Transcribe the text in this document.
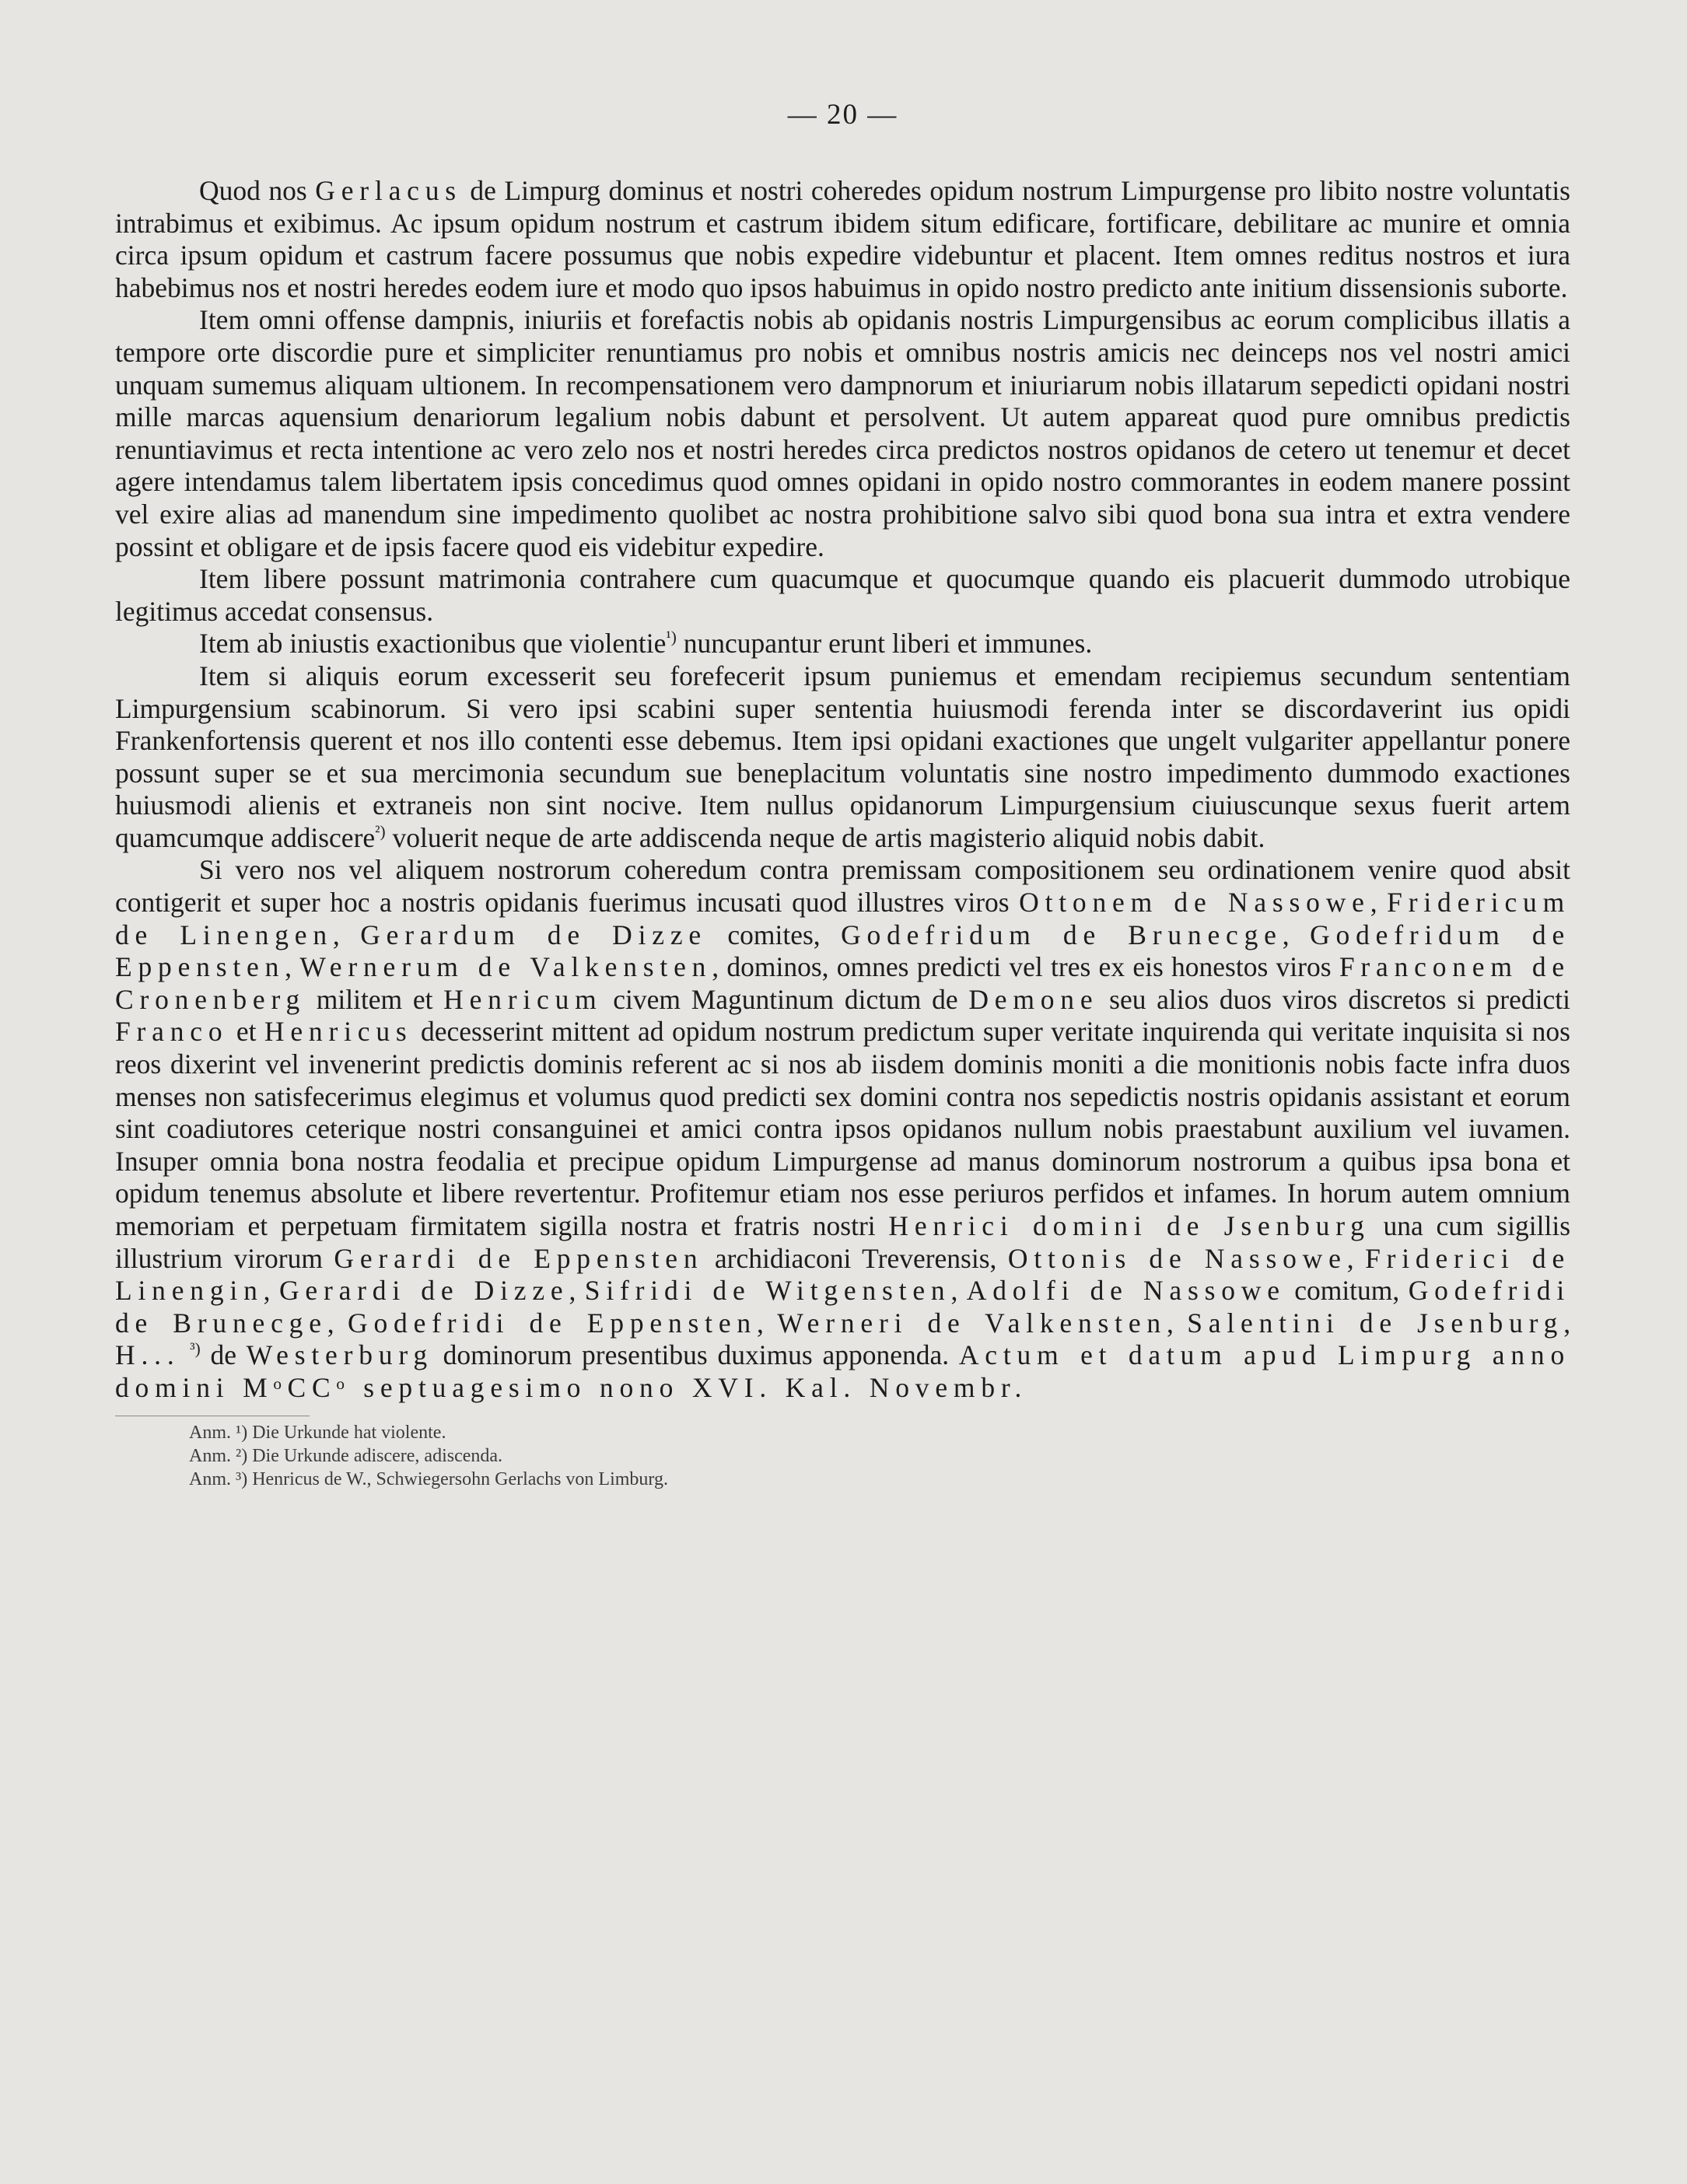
— 20 —

Quod nos Gerlacus de Limpurg dominus et nostri coheredes opidum nostrum Limpurgense pro libito nostre voluntatis intrabimus et exibimus. Ac ipsum opidum nostrum et castrum ibidem situm edificare, fortificare, debilitare ac munire et omnia circa ipsum opidum et castrum facere possumus que nobis expedire videbuntur et placent. Item omnes reditus nostros et iura habebimus nos et nostri heredes eodem iure et modo quo ipsos habuimus in opido nostro predicto ante initium dissensionis suborte.

Item omni offense dampnis, iniuriis et forefactis nobis ab opidanis nostris Limpurgensibus ac eorum complicibus illatis a tempore orte discordie pure et simpliciter renuntiamus pro nobis et omnibus nostris amicis nec deinceps nos vel nostri amici unquam sumemus aliquam ultionem. In recompensationem vero dampnorum et iniuriarum nobis illatarum sepedicti opidani nostri mille marcas aquensium denariorum legalium nobis dabunt et persolvent. Ut autem appareat quod pure omnibus predictis renuntiavimus et recta intentione ac vero zelo nos et nostri heredes circa predictos nostros opidanos de cetero ut tenemur et decet agere intendamus talem libertatem ipsis concedimus quod omnes opidani in opido nostro commorantes in eodem manere possint vel exire alias ad manendum sine impedimento quolibet ac nostra prohibitione salvo sibi quod bona sua intra et extra vendere possint et obligare et de ipsis facere quod eis videbitur expedire.

Item libere possunt matrimonia contrahere cum quacumque et quocumque quando eis placuerit dummodo utrobique legitimus accedat consensus.

Item ab iniustis exactionibus que violentie$^{^1)}$ nuncupantur erunt liberi et immunes.

Item si aliquis eorum excesserit seu forefecerit ipsum puniemus et emendam recipiemus secundum sententiam Limpurgensium scabinorum. Si vero ipsi scabini super sententia huiusmodi ferenda inter se discordaverint ius opidi Frankenfortensis querent et nos illo contenti esse debemus. Item ipsi opidani exactiones que ungelt vulgariter appellantur ponere possunt super se et sua mercimonia secundum sue beneplacitum voluntatis sine nostro impedimento dummodo exactiones huiusmodi alienis et extraneis non sint nocive. Item nullus opidanorum Limpurgensium ciuiuscunque sexus fuerit artem quamcumque addiscere$^{^2)}$ voluerit neque de arte addiscenda neque de artis magisterio aliquid nobis dabit.

Si vero nos vel aliquem nostrorum coheredum contra premissam compositionem seu ordinationem venire quod absit contigerit et super hoc a nostris opidanis fuerimus incusati quod illustres viros Ottonem de Nassowe, Fridericum de Linengen, Gerardum de Dizze comites, Godefridum de Brunecge, Godefridum de Eppensten, Wernerum de Valkensten, dominos, omnes predicti vel tres ex eis honestos viros Franconem de Cronenberg militem et Henricum civem Maguntinum dictum de Demone seu alios duos viros discretos si predicti Franco et Henricus decesserint mittent ad opidum nostrum predictum super veritate inquirenda qui veritate inquisita si nos reos dixerint vel invenerint predictis dominis referent ac si nos ab iisdem dominis moniti a die monitionis nobis facte infra duos menses non satisfecerimus elegimus et volumus quod predicti sex domini contra nos sepedictis nostris opidanis assistant et eorum sint coadiutores ceterique nostri consanguinei et amici contra ipsos opidanos nullum nobis praestabunt auxilium vel iuvamen. Insuper omnia bona nostra feodalia et precipue opidum Limpurgense ad manus dominorum nostrorum a quibus ipsa bona et opidum tenemus absolute et libere revertentur. Profitemur etiam nos esse periuros perfidos et infames. In horum autem omnium memoriam et perpetuam firmitatem sigilla nostra et fratris nostri Henrici domini de Jsenburg una cum sigillis illustrium virorum Gerardi de Eppensten archidiaconi Treverensis, Ottonis de Nassowe, Friderici de Linengin, Gerardi de Dizze, Sifridi de Witgensten, Adolfi de Nassowe comitum, Godefridi de Brunecge, Godefridi de Eppensten, Werneri de Valkensten, Salentini de Jsenburg, H... $^{^3)}$ de Westerburg dominorum presentibus duximus apponenda. Actum et datum apud Limpurg anno domini MᵒCCᵒ septuagesimo nono XVI. Kal. Novembr.

Anm. ¹) Die Urkunde hat violente.
Anm. ²) Die Urkunde adiscere, adiscenda.
Anm. ³) Henricus de W., Schwiegersohn Gerlachs von Limburg.
